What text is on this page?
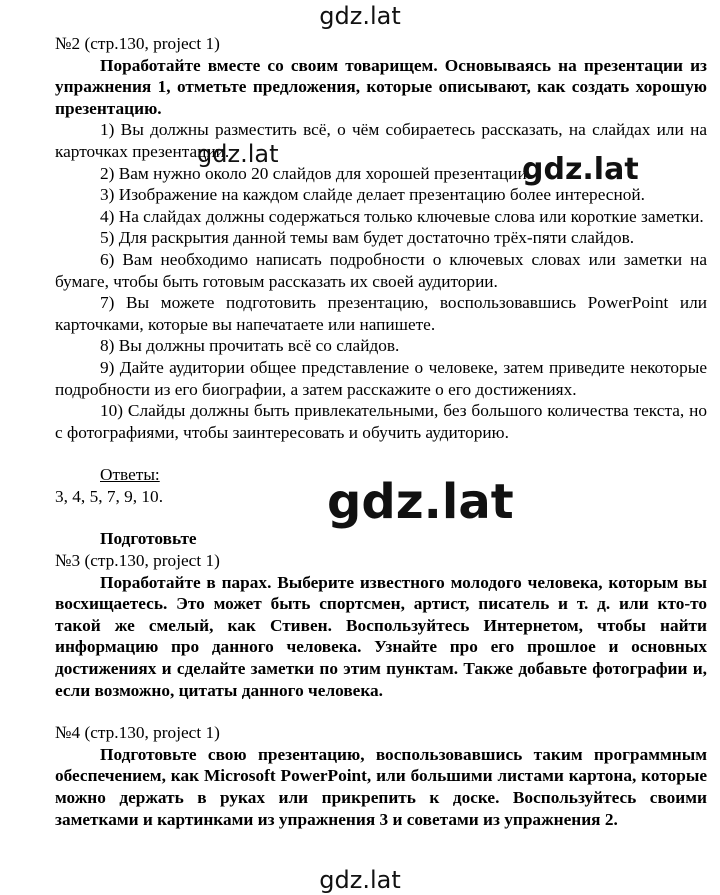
gdz.lat

№2 (стр.130, project 1)

Поработайте вместе со своим товарищем. Основываясь на презентации из упражнения 1, отметьте предложения, которые описывают, как создать хорошую презентацию.

1) Вы должны разместить всё, о чём собираетесь рассказать, на слайдах или на карточках презентации.

2) Вам нужно около 20 слайдов для хорошей презентации.

3) Изображение на каждом слайде делает презентацию более интересной.

4) На слайдах должны содержаться только ключевые слова или короткие заметки.

5) Для раскрытия данной темы вам будет достаточно трёх-пяти слайдов.

6) Вам необходимо написать подробности о ключевых словах или заметки на бумаге, чтобы быть готовым рассказать их своей аудитории.

7) Вы можете подготовить презентацию, воспользовавшись PowerPoint или карточками, которые вы напечатаете или напишете.

8) Вы должны прочитать всё со слайдов.

9) Дайте аудитории общее представление о человеке, затем приведите некоторые подробности из его биографии, а затем расскажите о его достижениях.

10) Слайды должны быть привлекательными, без большого количества текста, но с фотографиями, чтобы заинтересовать и обучить аудиторию.

Ответы:
3, 4, 5, 7, 9, 10.
Подготовьте

№3 (стр.130, project 1)

Поработайте в парах. Выберите известного молодого человека, которым вы восхищаетесь. Это может быть спортсмен, артист, писатель и т. д. или кто-то такой же смелый, как Стивен. Воспользуйтесь Интернетом, чтобы найти информацию про данного человека. Узнайте про его прошлое и основных достижениях и сделайте заметки по этим пунктам. Также добавьте фотографии и, если возможно, цитаты данного человека.

№4 (стр.130, project 1)

Подготовьте свою презентацию, воспользовавшись таким программным обеспечением, как Microsoft PowerPoint, или большими листами картона, которые можно держать в руках или прикрепить к доске. Воспользуйтесь своими заметками и картинками из упражнения 3 и советами из упражнения 2.

gdz.lat	gdz.lat
gdz.lat
gdz.lat
